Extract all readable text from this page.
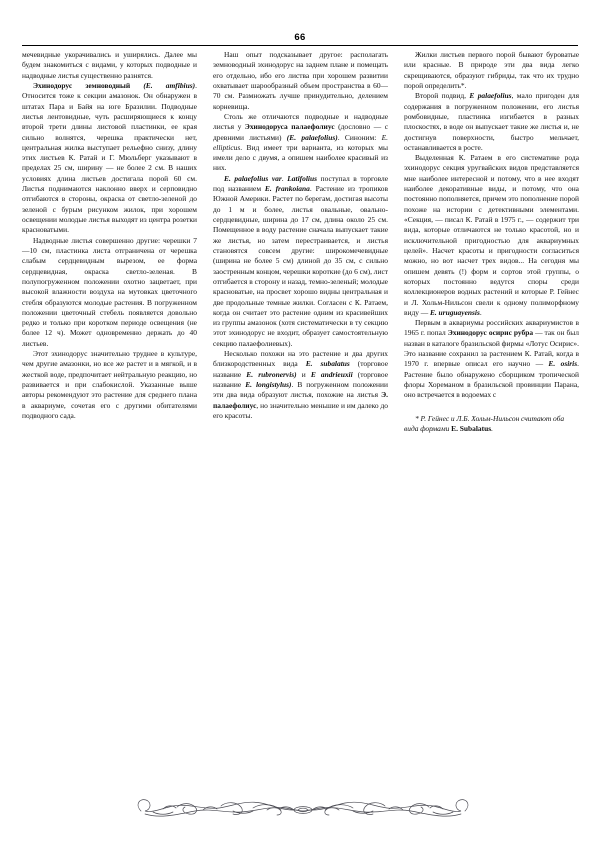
66

мечевидные укорачивались и уширялись. Далее мы будем знакомиться с видами, у которых подводные и надводные листья существенно разнятся.

Эхинодорус земноводный (E. amfibius). Относится тоже к секции амазонок. Он обнаружен в штатах Пара и Байя на юге Бразилии. Подводные листья лентовидные, чуть расширяющиеся к концу второй трети длины листовой пластинки, ее края сильно волнятся, черешка практически нет, центральная жилка выступает рельефно снизу, длину этих листьев К. Ратай и Г. Мюльберг указывают в пределах 25 см, ширину — не более 2 см. В наших условиях длина листьев достигала порой 60 см. Листья поднимаются наклонно вверх и серповидно отгибаются в стороны, окраска от светло-зеленой до зеленой с бурым рисунком жилок, при хорошем освещении молодые листья выходят из центра розетки красноватыми.

Надводные листья совершенно другие: черешки 7—10 см, пластинка листа отграничена от черешка слабым сердцевидным вырезом, ее форма сердцевидная, окраска светло-зеленая. В полупогруженном положении охотно зацветает, при высокой влажности воздуха на мутовках цветочного стебля образуются молодые растения. В погруженном положении цветочный стебель появляется довольно редко и только при коротком периоде освещения (не более 12 ч). Может одновременно держать до 40 листьев.

Этот эхинодорус значительно труднее в культуре, чем другие амазонки, но все же растет и в мягкой, и в жесткой воде, предпочитает нейтральную реакцию, но развивается и при слабокислой. Указанные выше авторы рекомендуют это растение для среднего плана в аквариуме, сочетая его с другими обитателями подводного сада.

Наш опыт подсказывает другое: располагать земноводный эхинодорус на заднем плане и помещать его отдельно, ибо его листва при хорошем развитии охватывает шарообразный объем пространства в 60—70 см. Размножать лучше принудительно, делением корневища.

Столь же отличаются подводные и надводные листья у Эхинодоруса палаефолиус (дословно — с древними листьями) (E. palaefolius). Синоним: E. ellipticus. Вид имеет три варианта, из которых мы имели дело с двумя, а опишем наиболее красивый из них.

E. palaefolius var. Latifolius поступал в торговле под названием E. frankoiana. Растение из тропиков Южной Америки. Растет по берегам, достигая высоты до 1 м и более, листья овальные, овально-сердцевидные, ширина до 17 см, длина около 25 см. Помещенное в воду растение сначала выпускает такие же листья, но затем перестраивается, и листья становятся совсем другие: широкомечевидные (ширина не более 5 см) длиной до 35 см, с сильно заостренным концом, черешки короткие (до 6 см), лист отгибается в сторону и назад, темно-зеленый; молодые красноватые, на просвет хорошо видны центральная и две продольные темные жилки. Согласен с К. Ратаем, когда он считает это растение одним из красивейших из группы амазонок (хотя систематически в ту секцию этот эхинодорус не входит, образует самостоятельную секцию палаефолиевых).

Несколько похожи на это растение и два других близкородственных вида E. subalatus (торговое название E. rubronervis) и E andrieuxii (торговое название E. longistylus). В погруженном положении эти два вида образуют листья, похожие на листья Э. палаефолиус, но значительно меньшие и им далеко до его красоты.

Жилки листьев первого порой бывают буроватые или красные. В природе эти два вида легко скрещиваются, образуют гибриды, так что их трудно порой определить*.

Второй подвид, E palaefolius, мало пригоден для содержания в погруженном положении, его листья ромбовидные, пластинка изгибается в разных плоскостях, в воде он выпускает такие же листья и, не достигнув поверхности, быстро мельчает, останавливается в росте.

Выделенная К. Ратаем в его систематике рода эхинодорус секция уругвайских видов представляется мне наиболее интересной и потому, что в нее входят наиболее декоративные виды, и потому, что она постоянно пополняется, причем это пополнение порой похоже на истории с детективными элементами. «Секция, — писал К. Ратай в 1975 г., — содержит три вида, которые отличаются не только красотой, но и исключительной пригодностью для аквариумных целей». Насчет красоты и пригодности согласиться можно, но вот насчет трех видов... На сегодня мы опишем девять (!) форм и сортов этой группы, о которых постоянно ведутся споры среди коллекционеров водных растений и которые Р. Гейнес и Л. Хольм-Нильсон свели к одному полиморфному виду — E. uruguayensis.

Первым в аквариумы российских аквариумистов в 1965 г. попал Эхинодорус осирис рубра — так он был назван в каталоге бразильской фирмы «Лотус Осирис». Это название сохранил за растением К. Ратай, когда в 1970 г. впервые описал его научно — E. osiris. Растение было обнаружено сборщиком тропической флоры Хореманом в бразильской провинции Парана, оно встречается в водоемах с

* Р. Гейнес и Л.Б. Хольм-Нильсон считают оба вида формами E. Subalatus.
